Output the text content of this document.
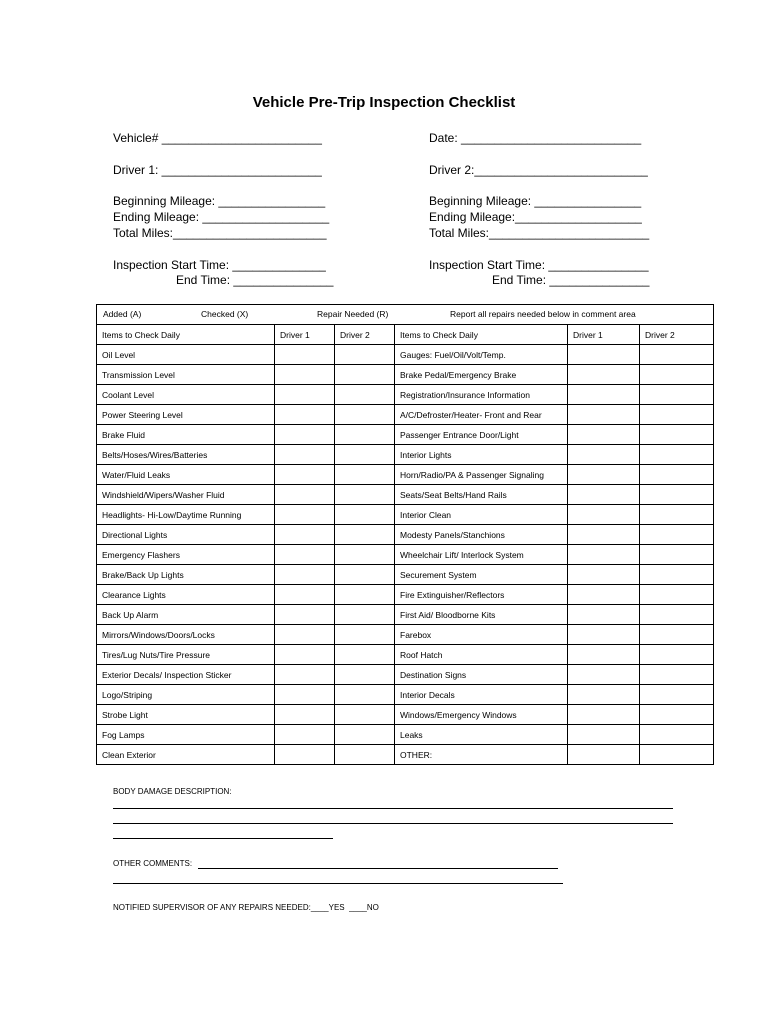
Vehicle Pre-Trip Inspection Checklist
Vehicle# ________________________	Date: ___________________________
Driver 1: ________________________	Driver 2:__________________________
Beginning Mileage: ________________
Ending Mileage: ___________________
Total Miles:_______________________
Beginning Mileage: ________________
Ending Mileage:___________________
Total Miles:________________________
Inspection Start Time: ______________
End Time: _______________
Inspection Start Time: _______________
End Time: _______________
Added (A) Checked (X) Repair Needed (R) Report all repairs needed below in comment area					

Items to Check Daily	Driver 1	Driver 2	Items to Check Daily	Driver 1	Driver 2
Oil Level			Gauges: Fuel/Oil/Volt/Temp.		
Transmission Level			Brake Pedal/Emergency Brake		
Coolant Level			Registration/Insurance Information		
Power Steering Level			A/C/Defroster/Heater- Front and Rear		
Brake Fluid			Passenger Entrance Door/Light		
Belts/Hoses/Wires/Batteries			Interior Lights		
Water/Fluid Leaks			Horn/Radio/PA & Passenger Signaling		
Windshield/Wipers/Washer Fluid			Seats/Seat Belts/Hand Rails		
Headlights- Hi-Low/Daytime Running			Interior Clean		
Directional Lights			Modesty Panels/Stanchions		
Emergency Flashers			Wheelchair Lift/ Interlock System		
Brake/Back Up Lights			Securement System		
Clearance Lights			Fire Extinguisher/Reflectors		
Back Up Alarm			First Aid/ Bloodborne Kits		
Mirrors/Windows/Doors/Locks			Farebox		
Tires/Lug Nuts/Tire Pressure			Roof Hatch		
Exterior Decals/ Inspection Sticker			Destination Signs		
Logo/Striping			Interior Decals		
Strobe Light			Windows/Emergency Windows		
Fog Lamps			Leaks		
Clean Exterior			OTHER:		
BODY DAMAGE DESCRIPTION:
OTHER COMMENTS:
NOTIFIED SUPERVISOR OF ANY REPAIRS NEEDED:____YES  ____NO
